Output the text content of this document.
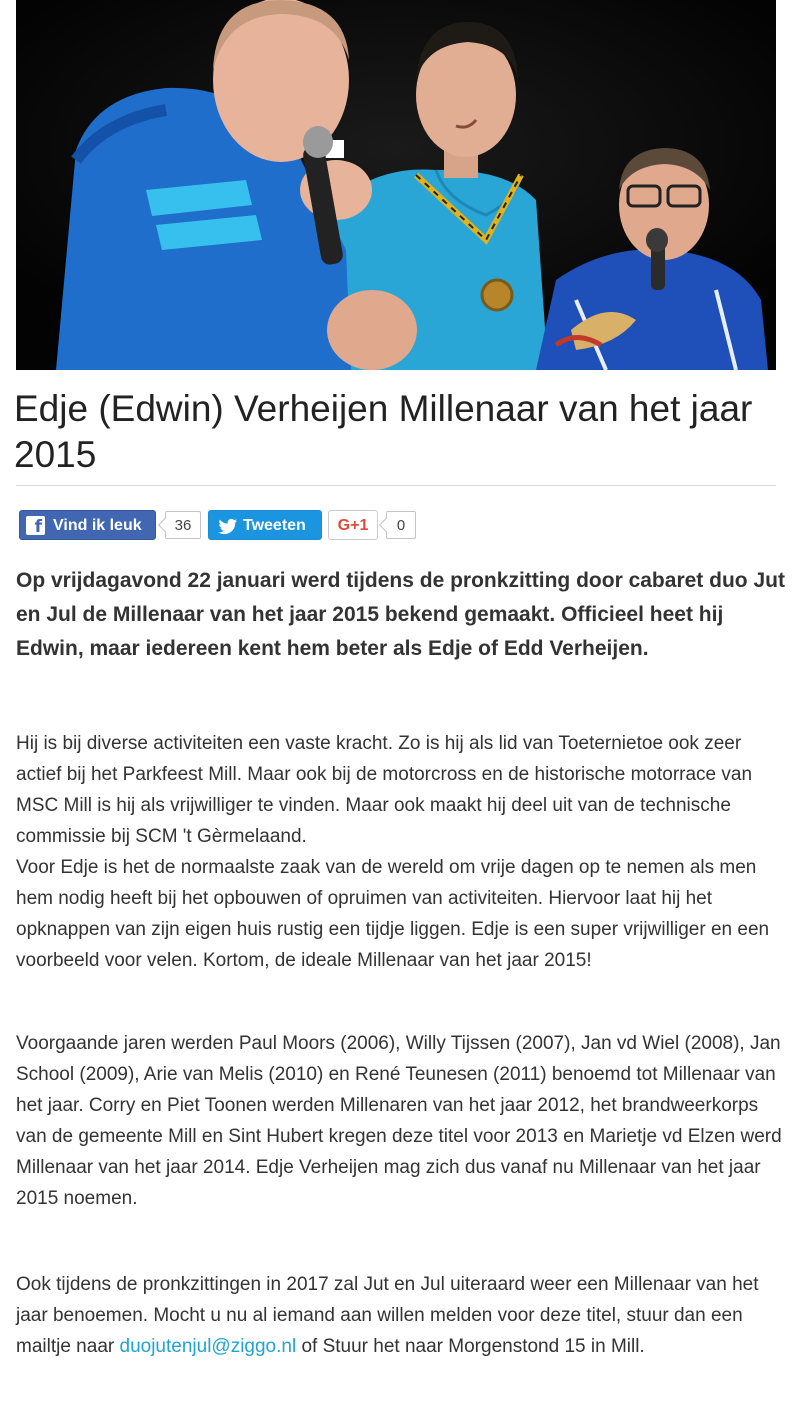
Edje (Edwin) Verheijen Millenaar van het jaar 2015
f Vind ik leuk	36	Tweeten	G+1	0

Op vrijdagavond 22 januari werd tijdens de pronkzitting door cabaret duo Jut en Jul de Millenaar van het jaar 2015 bekend gemaakt. Officieel heet hij Edwin, maar iedereen kent hem beter als Edje of Edd Verheijen.

Hij is bij diverse activiteiten een vaste kracht. Zo is hij als lid van Toeternietoe ook zeer actief bij het Parkfeest Mill. Maar ook bij de motorcross en de historische motorrace van MSC Mill is hij als vrijwilliger te vinden. Maar ook maakt hij deel uit van de technische commissie bij SCM 't Gèrmelaand.

Voor Edje is het de normaalste zaak van de wereld om vrije dagen op te nemen als men hem nodig heeft bij het opbouwen of opruimen van activiteiten. Hiervoor laat hij het opknappen van zijn eigen huis rustig een tijdje liggen. Edje is een super vrijwilliger en een voorbeeld voor velen. Kortom, de ideale Millenaar van het jaar 2015!

Voorgaande jaren werden Paul Moors (2006), Willy Tijssen (2007), Jan vd Wiel (2008), Jan School (2009), Arie van Melis (2010) en René Teunesen (2011) benoemd tot Millenaar van het jaar. Corry en Piet Toonen werden Millenaren van het jaar 2012, het brandweerkorps van de gemeente Mill en Sint Hubert kregen deze titel voor 2013 en Marietje vd Elzen werd Millenaar van het jaar 2014. Edje Verheijen mag zich dus vanaf nu Millenaar van het jaar 2015 noemen.

Ook tijdens de pronkzittingen in 2017 zal Jut en Jul uiteraard weer een Millenaar van het jaar benoemen. Mocht u nu al iemand aan willen melden voor deze titel, stuur dan een mailtje naar duojutenjul@ziggo.nl of Stuur het naar Morgenstond 15 in Mill.
